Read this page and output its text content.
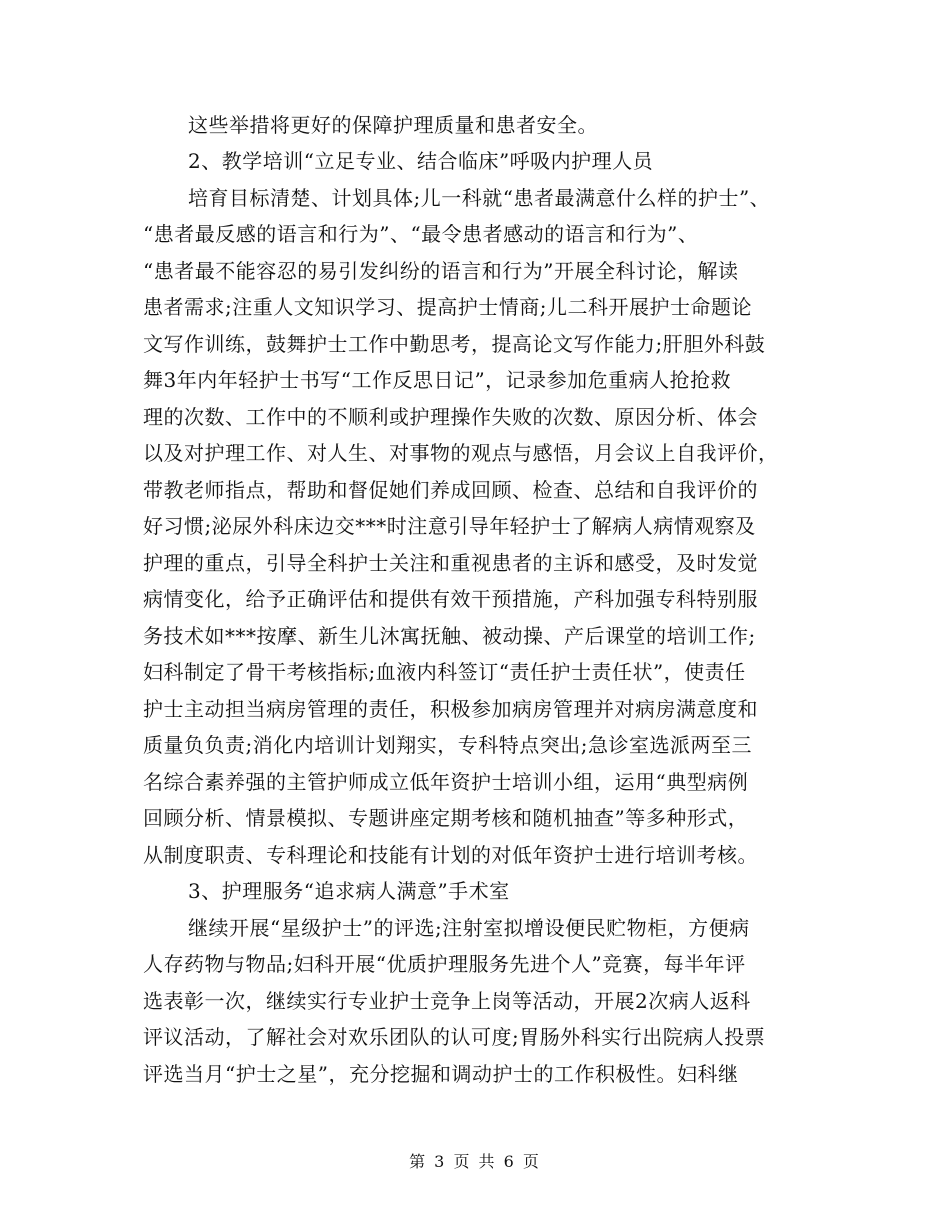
这些举措将更好的保障护理质量和患者安全。
2、教学培训“立足专业、结合临床”呼吸内护理人员
培育目标清楚、计划具体;儿一科就“患者最满意什么样的护士”、
“患者最反感的语言和行为”、“最令患者感动的语言和行为”、
“患者最不能容忍的易引发纠纷的语言和行为”开展全科讨论，解读
患者需求;注重人文知识学习、提高护士情商;儿二科开展护士命题论
文写作训练，鼓舞护士工作中勤思考，提高论文写作能力;肝胆外科鼓
舞3年内年轻护士书写“工作反思日记”，记录参加危重病人抢抢救
理的次数、工作中的不顺利或护理操作失败的次数、原因分析、体会
以及对护理工作、对人生、对事物的观点与感悟，月会议上自我评价，
带教老师指点，帮助和督促她们养成回顾、检查、总结和自我评价的
好习惯;泌尿外科床边交***时注意引导年轻护士了解病人病情观察及
护理的重点，引导全科护士关注和重视患者的主诉和感受，及时发觉
病情变化，给予正确评估和提供有效干预措施，产科加强专科特别服
务技术如***按摩、新生儿沐寓抚触、被动操、产后课堂的培训工作;
妇科制定了骨干考核指标;血液内科签订“责任护士责任状”，使责任
护士主动担当病房管理的责任，积极参加病房管理并对病房满意度和
质量负负责;消化内培训计划翔实，专科特点突出;急诊室选派两至三
名综合素养强的主管护师成立低年资护士培训小组，运用“典型病例
回顾分析、情景模拟、专题讲座定期考核和随机抽查”等多种形式，
从制度职责、专科理论和技能有计划的对低年资护士进行培训考核。
3、护理服务“追求病人满意”手术室
继续开展“星级护士”的评选;注射室拟增设便民贮物柜，方便病
人存药物与物品;妇科开展“优质护理服务先进个人”竞赛，每半年评
选表彰一次，继续实行专业护士竞争上岗等活动，开展2次病人返科
评议活动，了解社会对欢乐团队的认可度;胃肠外科实行出院病人投票
评选当月“护士之星”，充分挖掘和调动护士的工作积极性。妇科继
第 3 页 共 6 页
